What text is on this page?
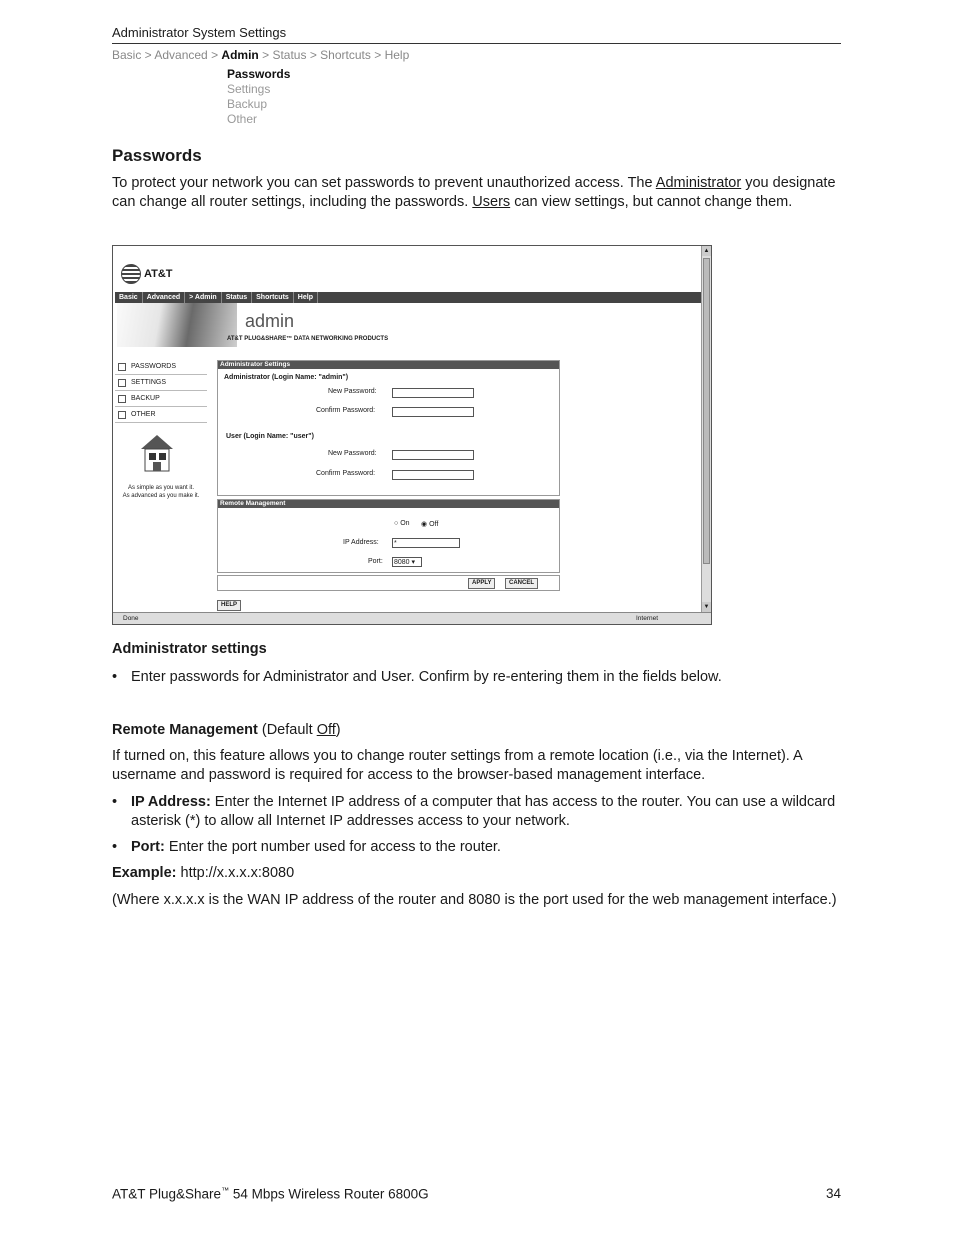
Administrator System Settings
Basic > Advanced > Admin > Status > Shortcuts > Help
Passwords
Settings
Backup
Other
Passwords
To protect your network you can set passwords to prevent unauthorized access. The Administrator you designate can change all router settings, including the passwords. Users can view settings, but cannot change them.
AT&T
Basic	Advanced	> Admin	Status	Shortcuts	Help
admin
AT&T PLUG&SHARE™ DATA NETWORKING PRODUCTS
PASSWORDS
SETTINGS
BACKUP
OTHER
As simple as you want it.
As advanced as you make it.
Administrator Settings
Administrator (Login Name: "admin")
New Password:
Confirm Password:
User (Login Name: "user")
New Password:
Confirm Password:
Remote Management
○ On ◉ Off
IP Address: *
Port: 8080 ▾
APPLY	CANCEL
HELP
▲
▼
Done	Internet
Administrator settings
• Enter passwords for Administrator and User. Confirm by re-entering them in the fields below.
Remote Management (Default Off)
If turned on, this feature allows you to change router settings from a remote location (i.e., via the Internet). A username and password is required for access to the browser-based management interface.
• IP Address: Enter the Internet IP address of a computer that has access to the router. You can use a wildcard asterisk (*) to allow all Internet IP addresses access to your network.
• Port: Enter the port number used for access to the router.
Example: http://x.x.x.x:8080
(Where x.x.x.x is the WAN IP address of the router and 8080 is the port used for the web management interface.)
AT&T Plug&Share™ 54 Mbps Wireless Router 6800G	34
